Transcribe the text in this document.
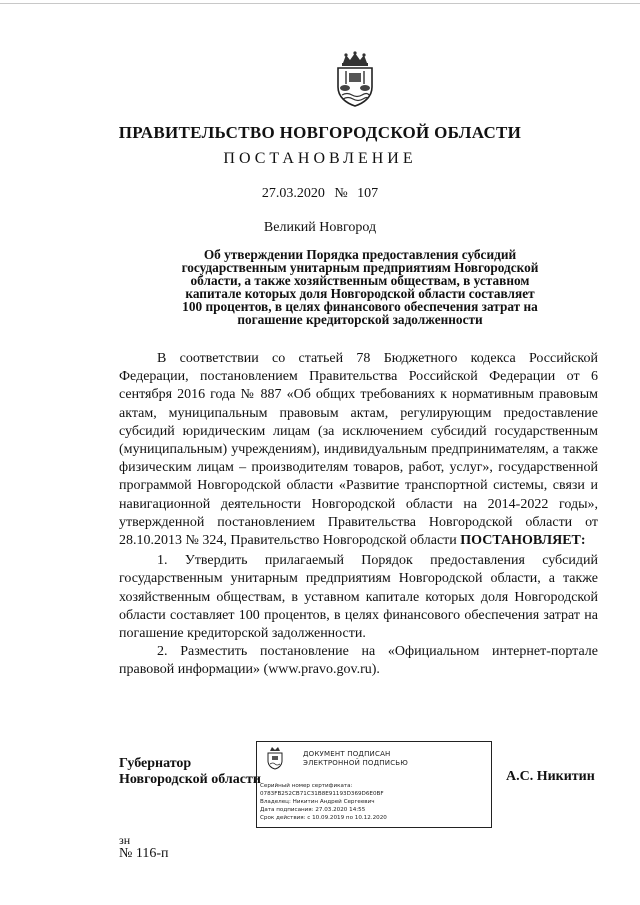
ПРАВИТЕЛЬСТВО НОВГОРОДСКОЙ ОБЛАСТИ
ПОСТАНОВЛЕНИЕ
27.03.2020 № 107
Великий Новгород
Об утверждении Порядка предоставления субсидий
государственным унитарным предприятиям Новгородской
области, а также хозяйственным обществам, в уставном
капитале которых доля Новгородской области составляет
100 процентов, в целях финансового обеспечения затрат на
погашение кредиторской задолженности

В соответствии со статьей 78 Бюджетного кодекса Российской Федерации, постановлением Правительства Российской Федерации от 6 сентября 2016 года № 887 «Об общих требованиях к нормативным правовым актам, муниципальным правовым актам, регулирующим предоставление субсидий юридическим лицам (за исключением субсидий государственным (муниципальным) учреждениям), индивидуальным предпринимателям, а также физическим лицам – производителям товаров, работ, услуг», государственной программой Новгородской области «Развитие транспортной системы, связи и навигационной деятельности Новгородской области на 2014-2022 годы», утвержденной постановлением Правительства Новгородской области от 28.10.2013 № 324, Правительство Новгородской области ПОСТАНОВЛЯЕТ:

1. Утвердить прилагаемый Порядок предоставления субсидий государственным унитарным предприятиям Новгородской области, а также хозяйственным обществам, в уставном капитале которых доля Новгородской области составляет 100 процентов, в целях финансового обеспечения затрат на погашение кредиторской задолженности.

2. Разместить постановление на «Официальном интернет-портале правовой информации» (www.pravo.gov.ru).

Губернатор
Новгородской области
ДОКУМЕНТ ПОДПИСАН
ЭЛЕКТРОННОЙ ПОДПИСЬЮ
Серийный номер сертификата:
0783FB252CB71C31B8E91193D369D6E0BF
Владелец: Никитин Андрей Сергеевич
Дата подписания: 27.03.2020 14:55
Срок действия: с 10.09.2019 по 10.12.2020
А.С. Никитин
зн
№ 116-п
